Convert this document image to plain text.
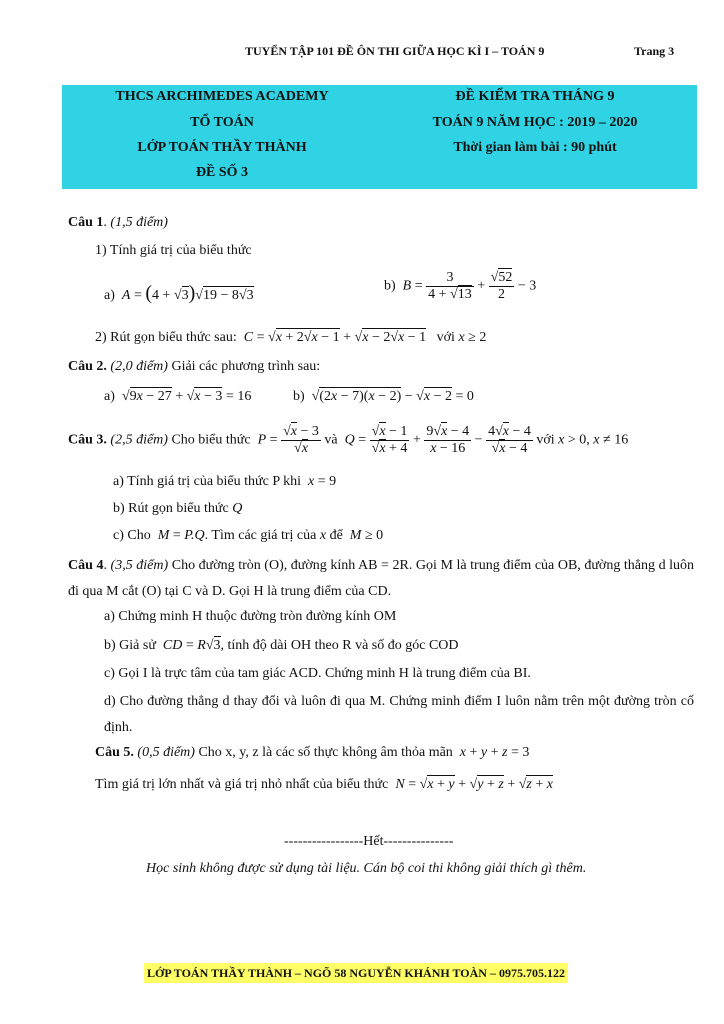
TUYỂN TẬP 101 ĐỀ ÔN THI GIỮA HỌC KÌ I – TOÁN 9	Trang 3
THCS ARCHIMEDES ACADEMY
TỔ TOÁN
LỚP TOÁN THẦY THÀNH
ĐỀ SỐ 3
ĐỀ KIỂM TRA THÁNG 9
TOÁN 9 NĂM HỌC : 2019 – 2020
Thời gian làm bài : 90 phút
Câu 1. (1,5 điểm)
1) Tính giá trị của biểu thức
a)  A = (4 + √3)√19 − 8√3
b)  $B = \frac{3}{4 + √13} + \frac{√52}{2} - 3$
2) Rút gọn biểu thức sau:  C = √x + 2√x − 1 + √x − 2√x − 1 với x ≥ 2
Câu 2. (2,0 điểm) Giải các phương trình sau:
a)  √9x − 27 + √x − 3 = 16	b)  √(2x − 7)(x − 2) − √x − 2 = 0
Câu 3. (2,5 điểm) Cho biểu thức  $P = \frac{√x - 3}{√x}$ và  $Q = \frac{√x - 1}{√x + 4} + \frac{9√x - 4}{x - 16} - \frac{4√x - 4}{√x - 4}$ với x > 0, x ≠ 16
a) Tính giá trị của biểu thức P khi x = 9
b) Rút gọn biểu thức Q
c) Cho M = P.Q. Tìm các giá trị của x để M ≥ 0
Câu 4. (3,5 điểm) Cho đường tròn (O), đường kính AB = 2R. Gọi M là trung điểm của OB, đường thẳng d luôn đi qua M cắt (O) tại C và D. Gọi H là trung điểm của CD.
a) Chứng minh H thuộc đường tròn đường kính OM
b) Giả sử CD = R√3, tính độ dài OH theo R và số đo góc COD
c) Gọi I là trực tâm của tam giác ACD. Chứng minh H là trung điểm của BI.
d) Cho đường thẳng d thay đổi và luôn đi qua M. Chứng minh điểm I luôn nằm trên một đường tròn cố định.
Câu 5. (0,5 điểm) Cho x, y, z là các số thực không âm thỏa mãn x + y + z = 3
Tìm giá trị lớn nhất và giá trị nhỏ nhất của biểu thức N = √x + y + √y + z + √z + x
-----------------Hết---------------
Học sinh không được sử dụng tài liệu. Cán bộ coi thi không giải thích gì thêm.
LỚP TOÁN THẦY THÀNH – NGÕ 58 NGUYỄN KHÁNH TOÀN – 0975.705.122
